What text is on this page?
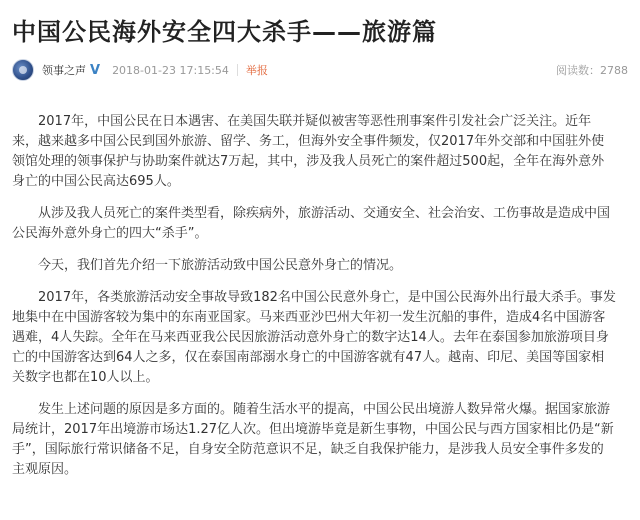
中国公民海外安全四大杀手——旅游篇
领事之声 V 2018-01-23 17:15:54 举报	阅读数：2788

2017年，中国公民在日本遇害、在美国失联并疑似被害等恶性刑事案件引发社会广泛关注。近年来，越来越多中国公民到国外旅游、留学、务工，但海外安全事件频发，仅2017年外交部和中国驻外使领馆处理的领事保护与协助案件就达7万起，其中，涉及我人员死亡的案件超过500起，全年在海外意外身亡的中国公民高达695人。

从涉及我人员死亡的案件类型看，除疾病外，旅游活动、交通安全、社会治安、工伤事故是造成中国公民海外意外身亡的四大“杀手”。

今天，我们首先介绍一下旅游活动致中国公民意外身亡的情况。

2017年，各类旅游活动安全事故导致182名中国公民意外身亡，是中国公民海外出行最大杀手。事发地集中在中国游客较为集中的东南亚国家。马来西亚沙巴州大年初一发生沉船的事件，造成4名中国游客遇难，4人失踪。全年在马来西亚我公民因旅游活动意外身亡的数字达14人。去年在泰国参加旅游项目身亡的中国游客达到64人之多，仅在泰国南部溺水身亡的中国游客就有47人。越南、印尼、美国等国家相关数字也都在10人以上。

发生上述问题的原因是多方面的。随着生活水平的提高，中国公民出境游人数异常火爆。据国家旅游局统计，2017年出境游市场达1.27亿人次。但出境游毕竟是新生事物，中国公民与西方国家相比仍是“新手”，国际旅行常识储备不足，自身安全防范意识不足，缺乏自我保护能力，是涉我人员安全事件多发的主观原因。
